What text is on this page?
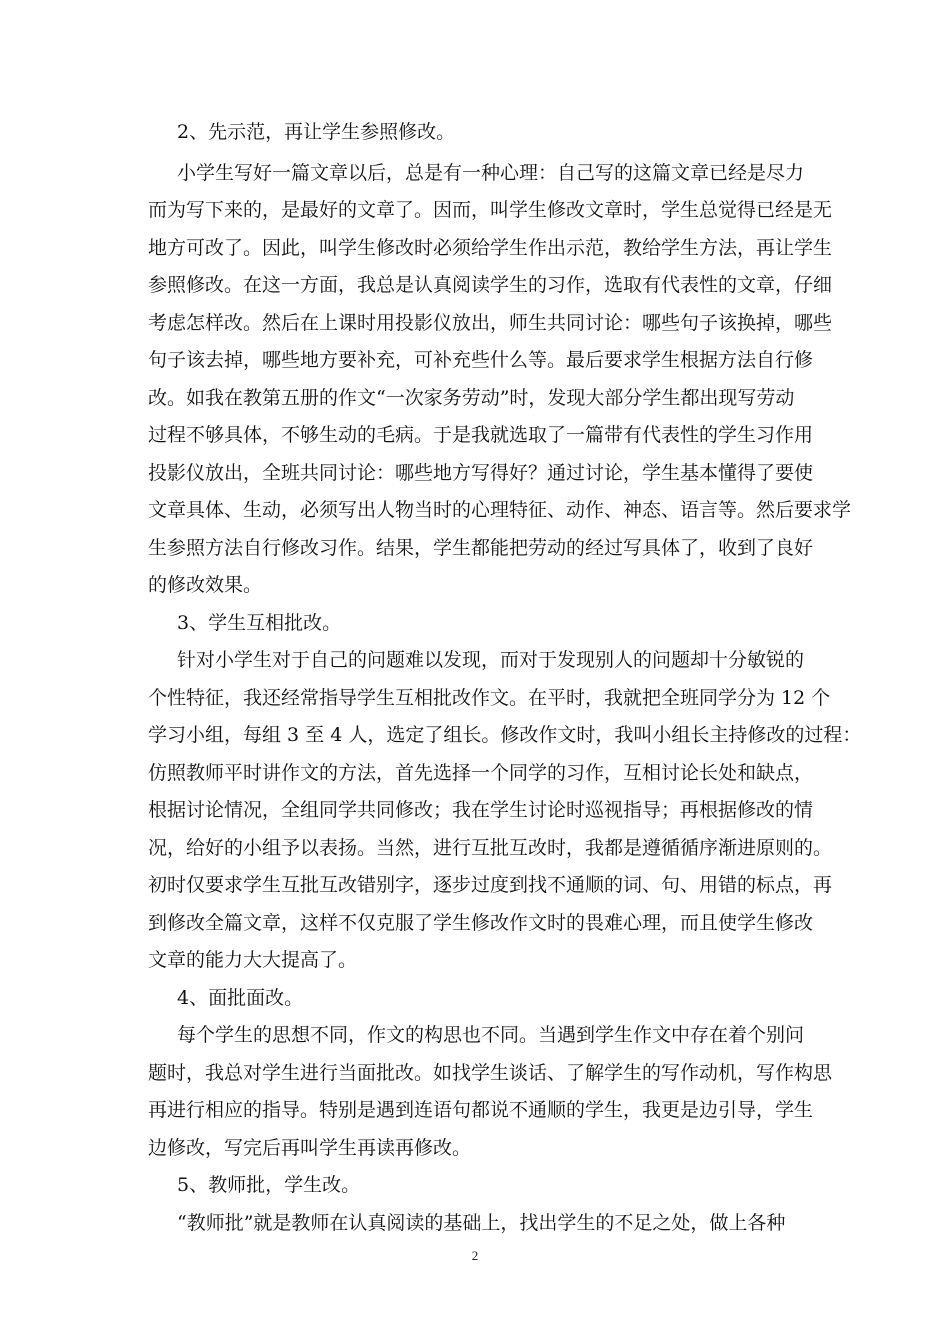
2、先示范，再让学生参照修改。
小学生写好一篇文章以后，总是有一种心理：自己写的这篇文章已经是尽力
而为写下来的，是最好的文章了。因而，叫学生修改文章时，学生总觉得已经是无
地方可改了。因此，叫学生修改时必须给学生作出示范，教给学生方法，再让学生
参照修改。在这一方面，我总是认真阅读学生的习作，选取有代表性的文章，仔细
考虑怎样改。然后在上课时用投影仪放出，师生共同讨论：哪些句子该换掉，哪些
句子该去掉，哪些地方要补充，可补充些什么等。最后要求学生根据方法自行修
改。如我在教第五册的作文“一次家务劳动”时，发现大部分学生都出现写劳动
过程不够具体，不够生动的毛病。于是我就选取了一篇带有代表性的学生习作用
投影仪放出，全班共同讨论：哪些地方写得好？通过讨论，学生基本懂得了要使
文章具体、生动，必须写出人物当时的心理特征、动作、神态、语言等。然后要求学
生参照方法自行修改习作。结果，学生都能把劳动的经过写具体了，收到了良好
的修改效果。
3、学生互相批改。
针对小学生对于自己的问题难以发现，而对于发现别人的问题却十分敏锐的
个性特征，我还经常指导学生互相批改作文。在平时，我就把全班同学分为 12 个
学习小组，每组 3 至 4 人，选定了组长。修改作文时，我叫小组长主持修改的过程：
仿照教师平时讲作文的方法，首先选择一个同学的习作，互相讨论长处和缺点，
根据讨论情况，全组同学共同修改；我在学生讨论时巡视指导；再根据修改的情
况，给好的小组予以表扬。当然，进行互批互改时，我都是遵循循序渐进原则的。
初时仅要求学生互批互改错别字，逐步过度到找不通顺的词、句、用错的标点，再
到修改全篇文章，这样不仅克服了学生修改作文时的畏难心理，而且使学生修改
文章的能力大大提高了。
4、面批面改。
每个学生的思想不同，作文的构思也不同。当遇到学生作文中存在着个别问
题时，我总对学生进行当面批改。如找学生谈话、了解学生的写作动机，写作构思
再进行相应的指导。特别是遇到连语句都说不通顺的学生，我更是边引导，学生
边修改，写完后再叫学生再读再修改。
5、教师批，学生改。
“教师批”就是教师在认真阅读的基础上，找出学生的不足之处，做上各种
2
